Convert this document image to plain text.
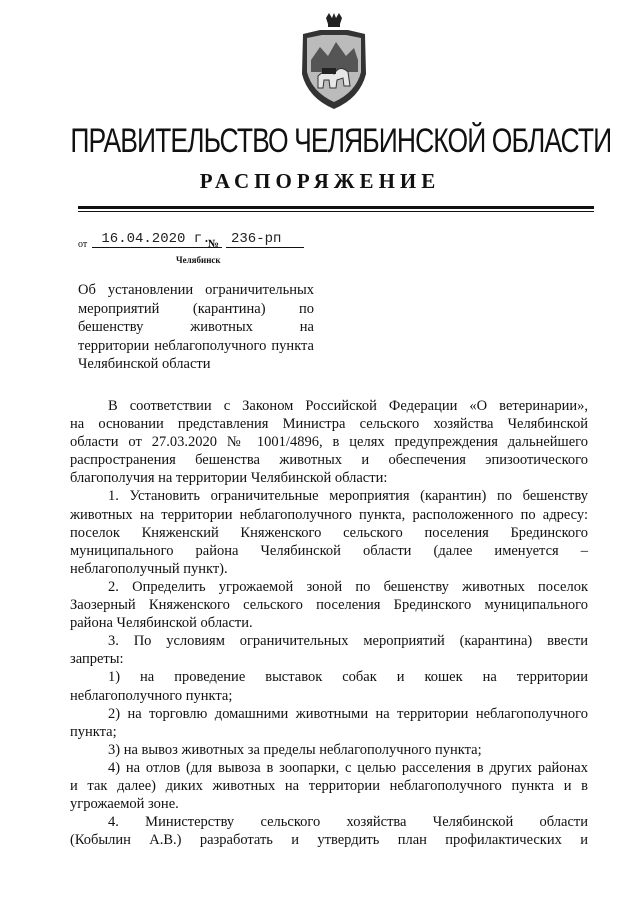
ПРАВИТЕЛЬСТВО ЧЕЛЯБИНСКОЙ ОБЛАСТИ
РАСПОРЯЖЕНИЕ
от	16.04.2020 г.
№ 236-рп
Челябинск
Об установлении ограничительных
мероприятий (карантина) по
бешенству животных на
территории неблагополучного пункта
Челябинской области
В соответствии с Законом Российской Федерации «О ветеринарии»,
на основании представления Министра сельского хозяйства Челябинской
области от 27.03.2020 № 1001/4896, в целях предупреждения дальнейшего
распространения бешенства животных и обеспечения эпизоотического
благополучия на территории Челябинской области:
1. Установить ограничительные мероприятия (карантин) по бешенству
животных на территории неблагополучного пункта, расположенного по адресу:
поселок Княженский Княженского сельского поселения Брединского
муниципального района Челябинской области (далее именуется –
неблагополучный пункт).
2. Определить угрожаемой зоной по бешенству животных поселок
Заозерный Княженского сельского поселения Брединского муниципального
района Челябинской области.
3. По условиям ограничительных мероприятий (карантина) ввести
запреты:
1) на проведение выставок собак и кошек на территории
неблагополучного пункта;
2) на торговлю домашними животными на территории неблагополучного
пункта;
3) на вывоз животных за пределы неблагополучного пункта;
4) на отлов (для вывоза в зоопарки, с целью расселения в других районах
и так далее) диких животных на территории неблагополучного пункта и в
угрожаемой зоне.
4. Министерству сельского хозяйства Челябинской области
(Кобылин А.В.) разработать и утвердить план профилактических и
